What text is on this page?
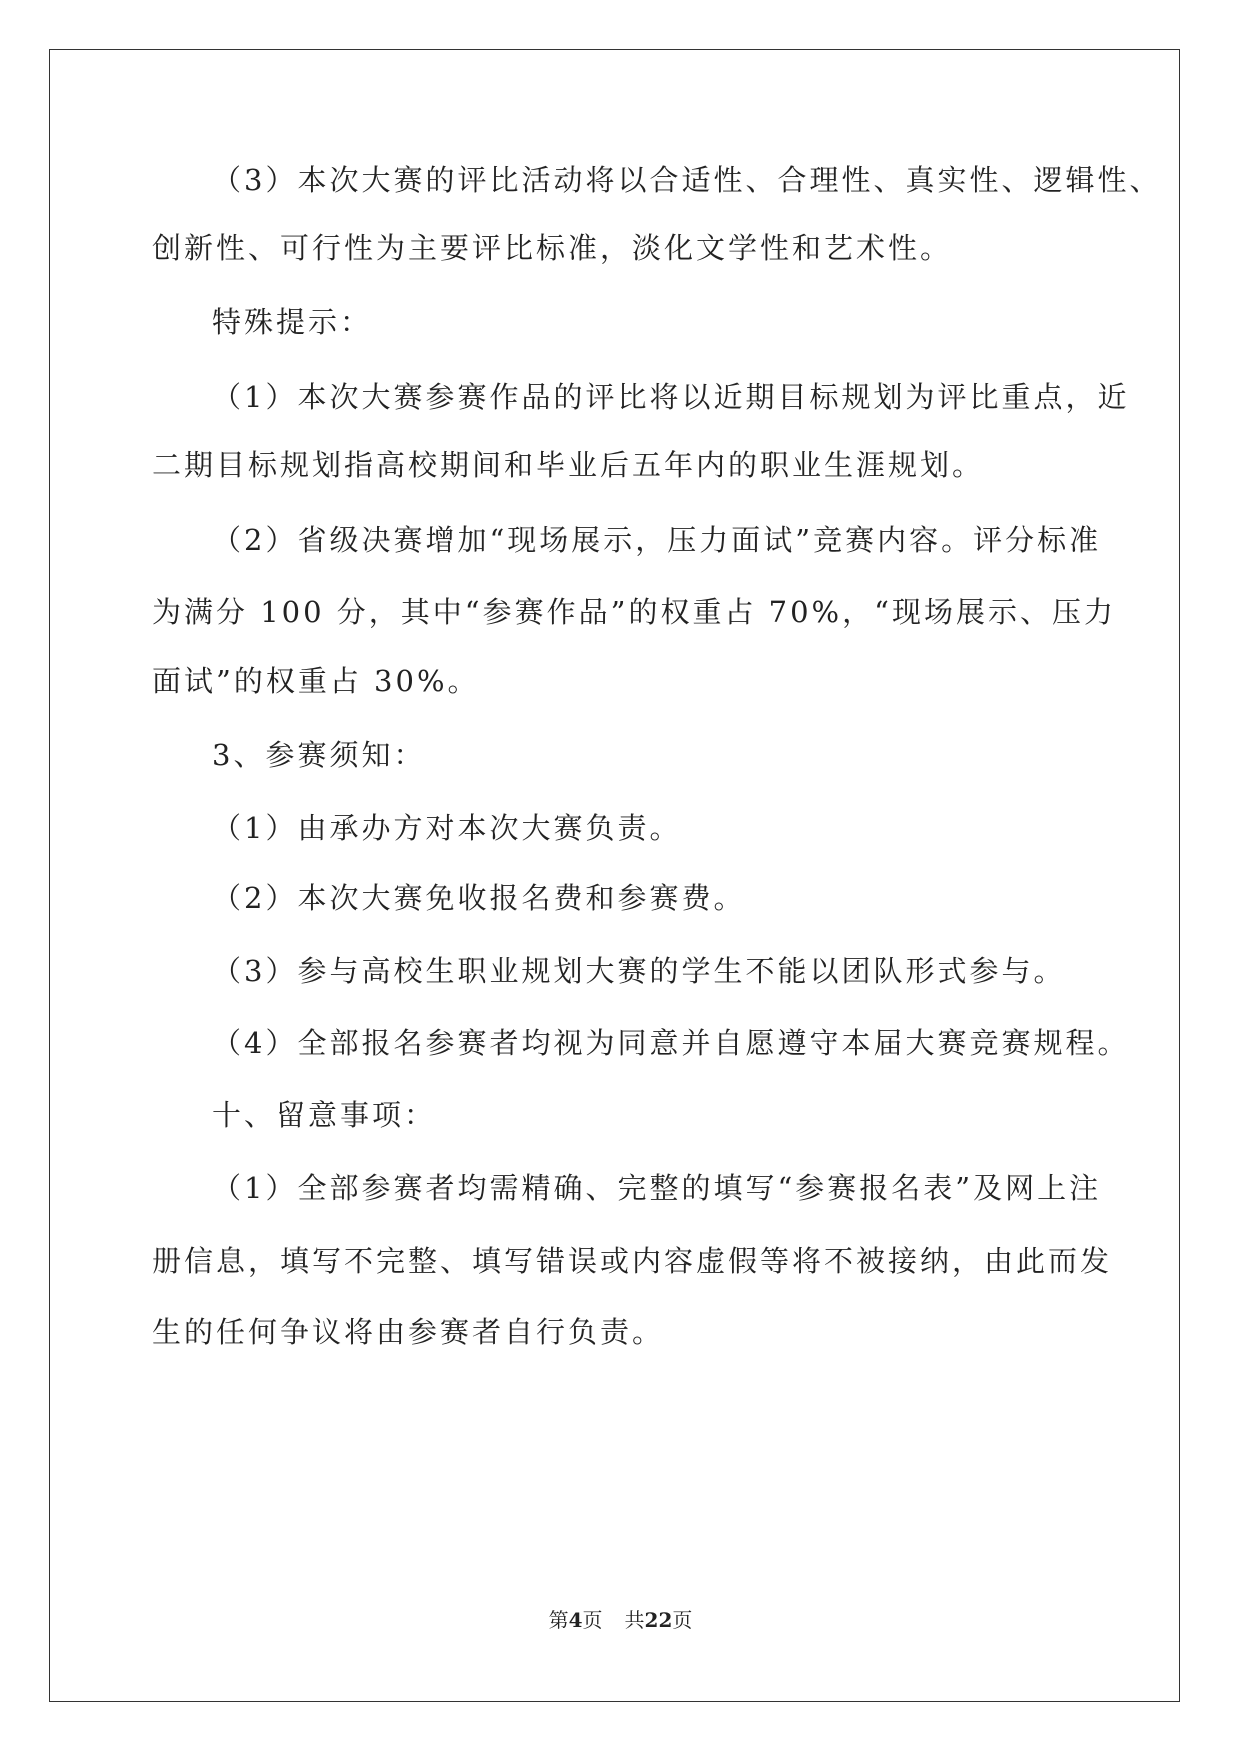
（3）本次大赛的评比活动将以合适性、合理性、真实性、逻辑性、
创新性、可行性为主要评比标准，淡化文学性和艺术性。
特殊提示：
（1）本次大赛参赛作品的评比将以近期目标规划为评比重点，近
二期目标规划指高校期间和毕业后五年内的职业生涯规划。
（2）省级决赛增加“现场展示，压力面试”竞赛内容。评分标准
为满分 100 分，其中“参赛作品”的权重占 70%，“现场展示、压力
面试”的权重占 30%。
3、参赛须知：
（1）由承办方对本次大赛负责。
（2）本次大赛免收报名费和参赛费。
（3）参与高校生职业规划大赛的学生不能以团队形式参与。
（4）全部报名参赛者均视为同意并自愿遵守本届大赛竞赛规程。
十、留意事项：
（1）全部参赛者均需精确、完整的填写“参赛报名表”及网上注
册信息，填写不完整、填写错误或内容虚假等将不被接纳，由此而发
生的任何争议将由参赛者自行负责。
第4页 共22页
